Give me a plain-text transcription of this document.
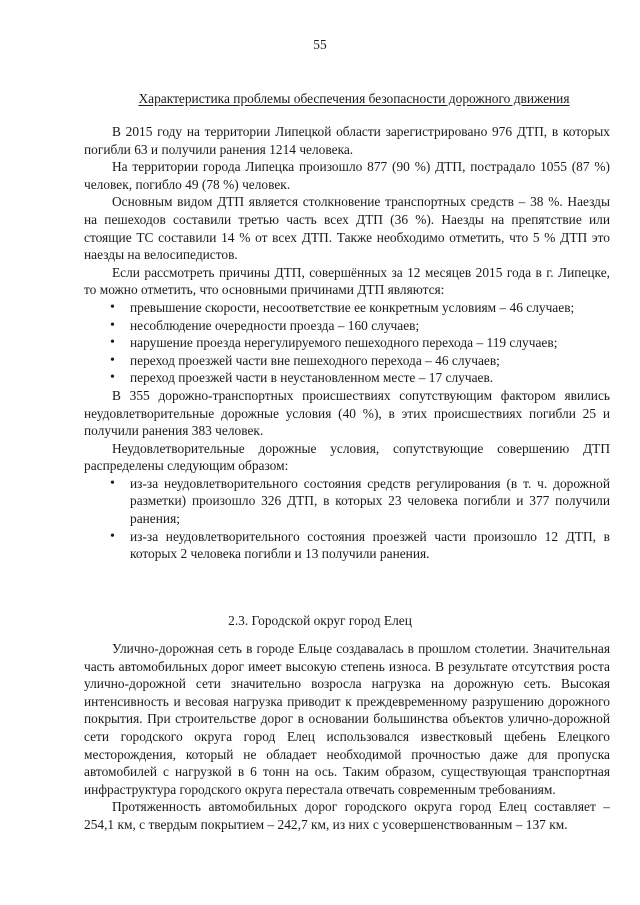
55
Характеристика проблемы обеспечения безопасности дорожного движения

В 2015 году на территории Липецкой области зарегистрировано 976 ДТП, в которых погибли 63 и получили ранения 1214 человека.

На территории города Липецка произошло 877 (90 %) ДТП, пострадало 1055 (87 %) человек, погибло 49 (78 %) человек.

Основным видом ДТП является столкновение транспортных средств – 38 %. Наезды на пешеходов составили третью часть всех ДТП (36 %). Наезды на препятствие или стоящие ТС составили 14 % от всех ДТП. Также необходимо отметить, что 5 % ДТП это наезды на велосипедистов.

Если рассмотреть причины ДТП, совершённых за 12 месяцев 2015 года в г. Липецке, то можно отметить, что основными причинами ДТП являются:

• превышение скорости, несоответствие ее конкретным условиям – 46 случаев;
• несоблюдение очередности проезда – 160 случаев;
• нарушение проезда нерегулируемого пешеходного перехода – 119 случаев;
• переход проезжей части вне пешеходного перехода – 46 случаев;
• переход проезжей части в неустановленном месте – 17 случаев.

В 355 дорожно-транспортных происшествиях сопутствующим фактором явились неудовлетворительные дорожные условия (40 %), в этих происшествиях погибли 25 и получили ранения 383 человек.

Неудовлетворительные дорожные условия, сопутствующие совершению ДТП распределены следующим образом:

• из-за неудовлетворительного состояния средств регулирования (в т. ч. дорожной разметки) произошло 326 ДТП, в которых 23 человека погибли и 377 получили ранения;
• из-за неудовлетворительного состояния проезжей части произошло 12 ДТП, в которых 2 человека погибли и 13 получили ранения.
2.3. Городской округ город Елец

Улично-дорожная сеть в городе Ельце создавалась в прошлом столетии. Значительная часть автомобильных дорог имеет высокую степень износа. В результате отсутствия роста улично-дорожной сети значительно возросла нагрузка на дорожную сеть. Высокая интенсивность и весовая нагрузка приводит к преждевременному разрушению дорожного покрытия. При строительстве дорог в основании большинства объектов улично-дорожной сети городского округа город Елец использовался известковый щебень Елецкого месторождения, который не обладает необходимой прочностью даже для пропуска автомобилей с нагрузкой в 6 тонн на ось. Таким образом, существующая транспортная инфраструктура городского округа перестала отвечать современным требованиям.

Протяженность автомобильных дорог городского округа город Елец составляет – 254,1 км, с твердым покрытием – 242,7 км, из них с усовершенствованным – 137 км.
